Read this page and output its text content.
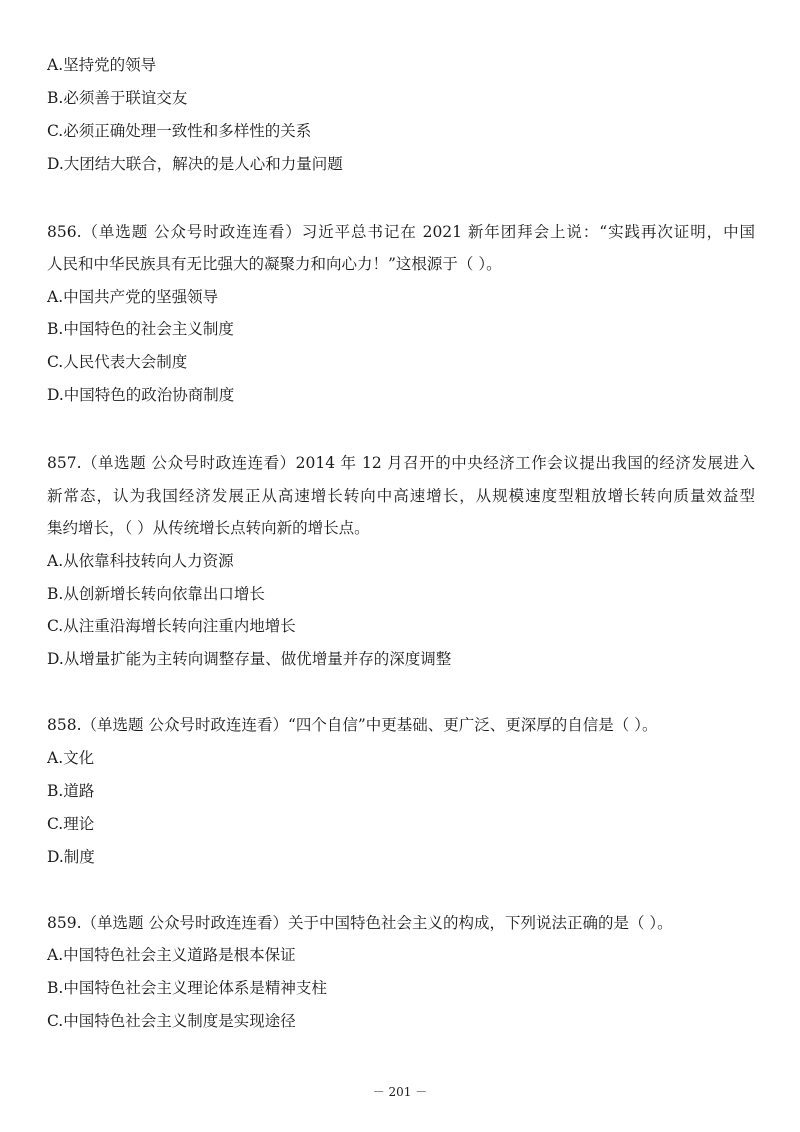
A.坚持党的领导
B.必须善于联谊交友
C.必须正确处理一致性和多样性的关系
D.大团结大联合，解决的是人心和力量问题
856.（单选题 公众号时政连连看）习近平总书记在 2021 新年团拜会上说：“实践再次证明，中国
人民和中华民族具有无比强大的凝聚力和向心力！”这根源于（ ）。
A.中国共产党的坚强领导
B.中国特色的社会主义制度
C.人民代表大会制度
D.中国特色的政治协商制度
857.（单选题 公众号时政连连看）2014 年 12 月召开的中央经济工作会议提出我国的经济发展进入
新常态，认为我国经济发展正从高速增长转向中高速增长，从规模速度型粗放增长转向质量效益型
集约增长，（ ）从传统增长点转向新的增长点。
A.从依靠科技转向人力资源
B.从创新增长转向依靠出口增长
C.从注重沿海增长转向注重内地增长
D.从增量扩能为主转向调整存量、做优增量并存的深度调整
858.（单选题 公众号时政连连看）“四个自信”中更基础、更广泛、更深厚的自信是（ ）。
A.文化
B.道路
C.理论
D.制度
859.（单选题 公众号时政连连看）关于中国特色社会主义的构成，下列说法正确的是（ ）。
A.中国特色社会主义道路是根本保证
B.中国特色社会主义理论体系是精神支柱
C.中国特色社会主义制度是实现途径
－ 201 －
